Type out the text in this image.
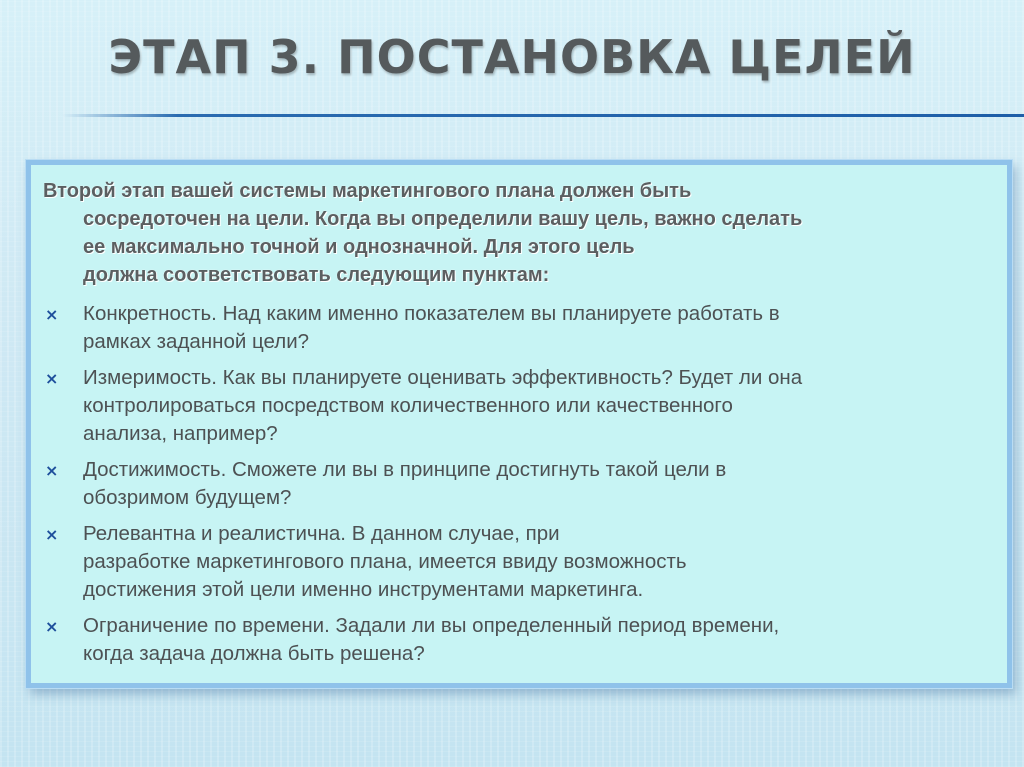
ЭТАП 3. ПОСТАНОВКА ЦЕЛЕЙ
Второй этап вашей системы маркетингового плана должен быть
сосредоточен на цели. Когда вы определили вашу цель, важно сделать
ее максимально точной и однозначной. Для этого цель
должна соответствовать следующим пунктам:
× Конкретность. Над каким именно показателем вы планируете работать в
рамках заданной цели?
× Измеримость. Как вы планируете оценивать эффективность? Будет ли она
контролироваться посредством количественного или качественного
анализа, например?
× Достижимость. Сможете ли вы в принципе достигнуть такой цели в
обозримом будущем?
× Релевантна и реалистична. В данном случае, при
разработке маркетингового плана, имеется ввиду возможность
достижения этой цели именно инструментами маркетинга.
× Ограничение по времени. Задали ли вы определенный период времени,
когда задача должна быть решена?
